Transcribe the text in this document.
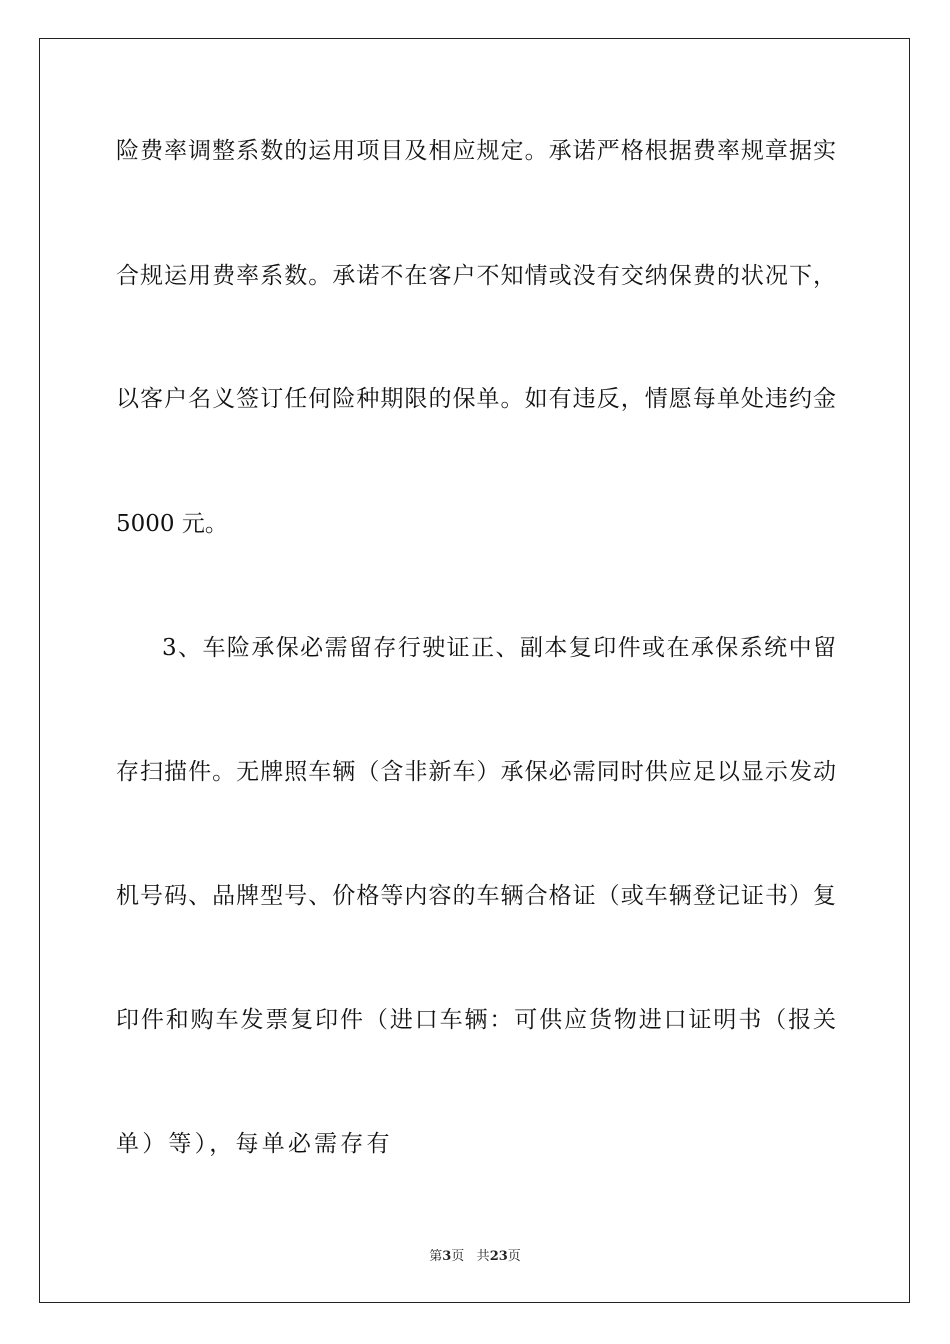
险费率调整系数的运用项目及相应规定。承诺严格根据费率规章据实
合规运用费率系数。承诺不在客户不知情或没有交纳保费的状况下，
以客户名义签订任何险种期限的保单。如有违反，情愿每单处违约金
5000 元。
3、车险承保必需留存行驶证正、副本复印件或在承保系统中留
存扫描件。无牌照车辆（含非新车）承保必需同时供应足以显示发动
机号码、品牌型号、价格等内容的车辆合格证（或车辆登记证书）复
印件和购车发票复印件（进口车辆：可供应货物进口证明书（报关
单）等），每单必需存有
第3页 共23页
